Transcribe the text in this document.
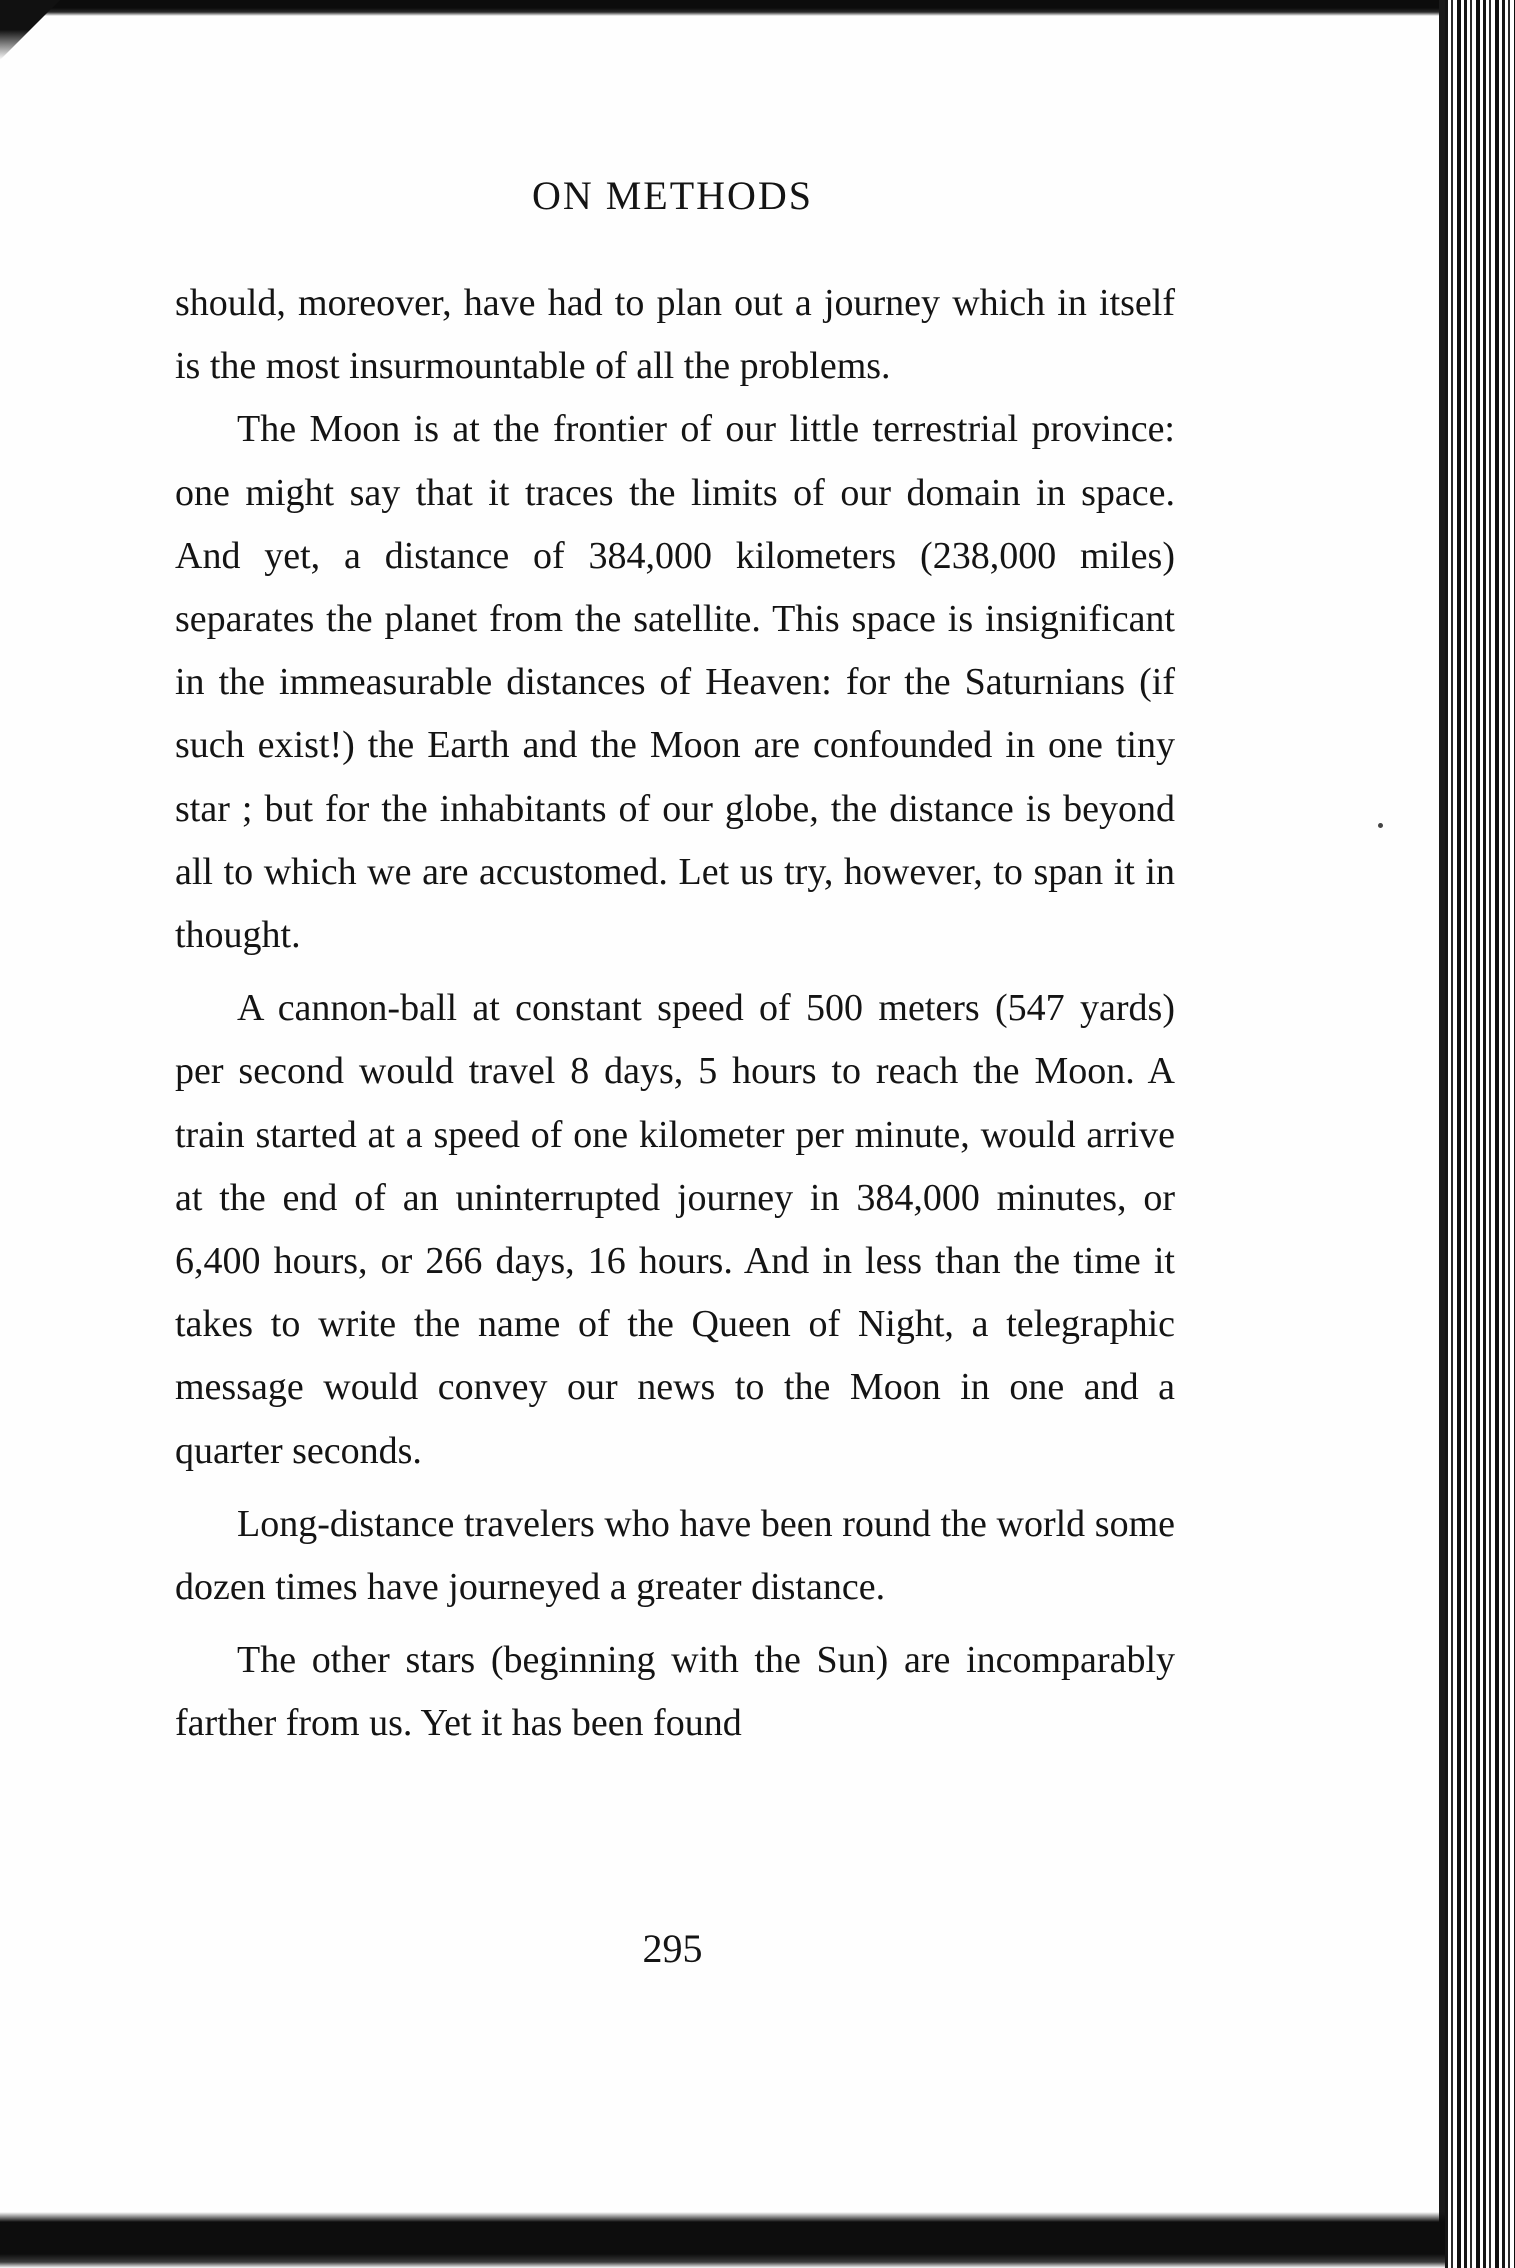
ON METHODS

should, moreover, have had to plan out a journey which in itself is the most insurmountable of all the problems.

The Moon is at the frontier of our little terrestrial province: one might say that it traces the limits of our domain in space. And yet, a distance of 384,000 kilometers (238,000 miles) separates the planet from the satellite. This space is insignificant in the immeasurable distances of Heaven: for the Saturnians (if such exist!) the Earth and the Moon are confounded in one tiny star ; but for the inhabitants of our globe, the distance is beyond all to which we are accustomed. Let us try, however, to span it in thought.

A cannon-ball at constant speed of 500 meters (547 yards) per second would travel 8 days, 5 hours to reach the Moon. A train started at a speed of one kilometer per minute, would arrive at the end of an uninterrupted journey in 384,000 minutes, or 6,400 hours, or 266 days, 16 hours. And in less than the time it takes to write the name of the Queen of Night, a telegraphic message would convey our news to the Moon in one and a quarter seconds.

Long-distance travelers who have been round the world some dozen times have journeyed a greater distance.

The other stars (beginning with the Sun) are incomparably farther from us. Yet it has been found

295
